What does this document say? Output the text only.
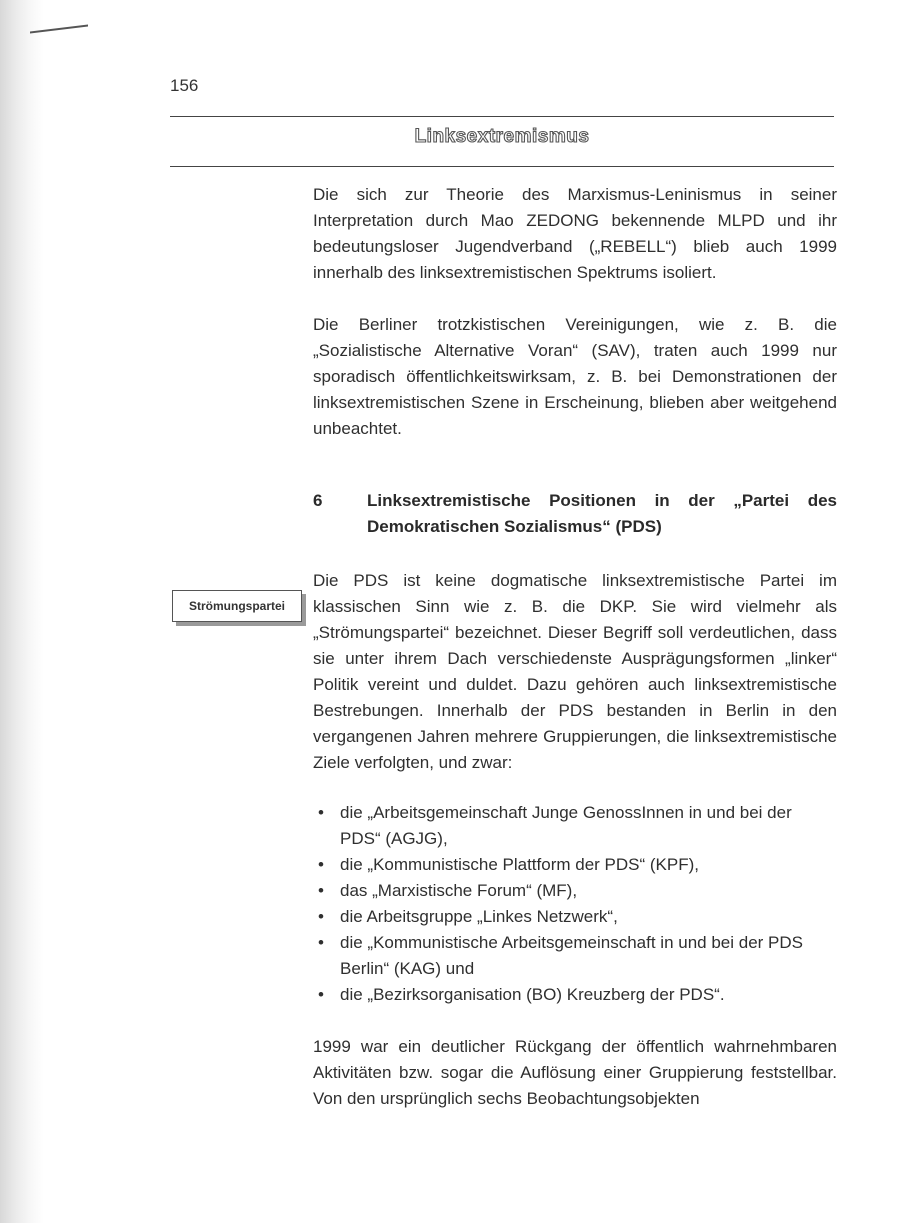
156
Linksextremismus

Die sich zur Theorie des Marxismus-Leninismus in seiner Interpretation durch Mao ZEDONG bekennende MLPD und ihr bedeutungsloser Jugendverband („REBELL“) blieb auch 1999 innerhalb des linksextremistischen Spektrums isoliert.

Die Berliner trotzkistischen Vereinigungen, wie z. B. die „Sozialistische Alternative Voran“ (SAV), traten auch 1999 nur sporadisch öffentlichkeitswirksam, z. B. bei Demonstrationen der linksextremistischen Szene in Erscheinung, blieben aber weitgehend unbeachtet.

6	Linksextremistische Positionen in der „Partei des Demokratischen Sozialismus“ (PDS)
Strömungspartei

Die PDS ist keine dogmatische linksextremistische Partei im klassischen Sinn wie z. B. die DKP. Sie wird vielmehr als „Strömungspartei“ bezeichnet. Dieser Begriff soll verdeutlichen, dass sie unter ihrem Dach verschiedenste Ausprägungsformen „linker“ Politik vereint und duldet. Dazu gehören auch linksextremistische Bestrebungen. Innerhalb der PDS bestanden in Berlin in den vergangenen Jahren mehrere Gruppierungen, die linksextremistische Ziele verfolgten, und zwar:

• die „Arbeitsgemeinschaft Junge GenossInnen in und bei der PDS“ (AGJG),
• die „Kommunistische Plattform der PDS“ (KPF),
• das „Marxistische Forum“ (MF),
• die Arbeitsgruppe „Linkes Netzwerk“,
• die „Kommunistische Arbeitsgemeinschaft in und bei der PDS Berlin“ (KAG) und
• die „Bezirksorganisation (BO) Kreuzberg der PDS“.

1999 war ein deutlicher Rückgang der öffentlich wahrnehmbaren Aktivitäten bzw. sogar die Auflösung einer Gruppierung feststellbar. Von den ursprünglich sechs Beobachtungsobjekten
